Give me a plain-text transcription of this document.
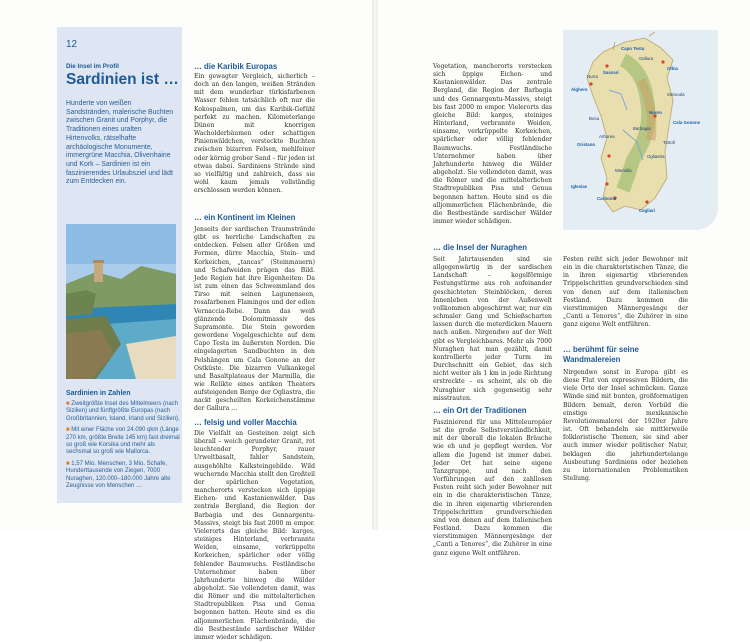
12
Die Insel im Profil
Sardinien ist …
Hunderte von weißen Sandstränden, malerische Buchten zwischen Granit und Porphyr, die Traditionen eines uralten Hirtenvolks, rätselhafte archäologische Monumente, immergrüne Macchia, Olivenhaine und Kork – Sardinien ist ein faszinierendes Urlaubsziel und lädt zum Entdecken ein.
Sardinien in Zahlen
■ Zweitgrößte Insel des Mittelmeers (nach Sizilien) und fünftgrößte Europas (nach Großbritannien, Island, Irland und Sizilien).
■ Mit einer Fläche von 24.090 qkm (Länge 270 km, größte Breite 145 km) fast dreimal so groß wie Korsika und mehr als sechsmal so groß wie Mallorca.
■ 1,57 Mio. Menschen, 3 Mio. Schafe, Hunderttausende von Ziegen, 7000 Nuraghen, 120.000–180.000 Jahre alte Zeugnisse von Menschen …
… die Karibik Europas
Ein gewagter Vergleich, sicherlich – doch an den langen, weißen Stränden mit dem wunderbar türkisfarbenen Wasser fehlen tatsächlich oft nur die Kokospalmen, um das Karibik-Gefühl perfekt zu machen. Kilometerlange Dünen mit knorrigen Wacholderbäumen oder schattigen Pinienwäldchen, versteckte Buchten zwischen bizarren Felsen, mehlfeiner oder körnig grober Sand – für jeden ist etwas dabei. Sardiniens Strände sind so vielfältig und zahlreich, dass sie wohl kaum jemals vollständig erschlossen werden können.
… ein Kontinent im Kleinen
Jenseits der sardischen Traumstrände gibt es herrliche Landschaften zu entdecken. Felsen aller Größen und Formen, dürre Macchia, Stein- und Korkeichen, „tancas“ (Steinmauern) und Schafweiden prägen das Bild. Jede Region hat ihre Eigenheiten: Da ist zum einen das Schwemmland des Tirso mit seinen Lagunenseen, rosafarbenen Flamingos und der edlen Vernaccia-Rebe. Dann das weiß glänzende Dolomitmassiv des Supramonte. Die Stein geworden gewordene Vogelgeschichte auf dem Capo Testa im äußersten Norden. Die eingelagerten Sandbuchten in den Felshängen um Cala Gonone an der Ostküste. Die bizarren Vulkankegel und Basaltplateaus der Marmilla, die wie Relikte eines antiken Theaters aufsteigenden Berge der Ogliastra, die nackt gescheilten Korkeichenstämme der Gallura …
… felsig und voller Macchia
Die Vielfalt an Gesteinen zeigt sich überall – weich gerundeter Granit, rot leuchtender Porphyr, rauer Urweltbasalt, fahler Sandstein, ausgehöhlte Kalksteingebilde. Wild wuchernde Macchia stellt den Großteil der spärlichen Vegetation, mancherorts verstecken sich üppige Eichen- und Kastanienwälder. Das zentrale Bergland, die Region der Barbagia und des Gennargentu-Massivs, steigt bis fast 2000 m empor. Vielerorts das gleiche Bild: karges, steiniges Hinterland, verbrannte Weiden, einsame, verkrüppelte Korkeichen, spärlicher oder völlig fehlender Baumwuchs. Festländische Unternehmer haben über Jahrhunderte hinweg die Wälder abgeholzt. Sie vollendeten damit, was die Römer und die mittelalterlichen Stadtrepubliken Pisa und Genua begonnen hatten. Heute sind es die alljommerlichen Flächenbrände, die die Bestbestände sardischer Wälder immer wieder schädigen.
Vegetation, mancherorts verstecken sich üppige Eichen- und Kastanienwälder. Das zentrale Bergland, die Region der Barbagia und des Gennargentu-Massivs, steigt bis fast 2000 m empor. Vielerorts das gleiche Bild: karges, steiniges Hinterland, verbrannte Weiden, einsame, verkrüppelte Korkeichen, spärlicher oder völlig fehlender Baumwuchs. Festländische Unternehmer haben über Jahrhunderte hinweg die Wälder abgeholzt. Sie vollendeten damit, was die Römer und die mittelalterlichen Stadtrepubliken Pisa und Genua begonnen hatten. Heute sind es die alljommerlichen Flächenbrände, die die Bestbestände sardischer Wälder immer wieder schädigen.
… die Insel der Nuraghen
Seit Jahrtausenden sind sie allgegenwärtig in der sardischen Landschaft – kegelförmige Festungstürme aus roh aufeinander geschichteten Steinblöcken, deren Innenleben von der Außenwelt vollkommen abgeschirmt war, nur ein schmaler Gang und Schießscharten lassen durch die meterdicken Mauern nach außen. Nirgendwo auf der Welt gibt es Vergleichbares. Mehr als 7000 Nuraghen hat man gezählt, damit kontrollierte jeder Turm im Durchschnitt ein Gebiet, das sich nicht weiter als 1 km in jede Richtung erstreckte – es scheint, als ob die Nuraghier sich gegenseitig sehr misstrauten.
… ein Ort der Traditionen
Faszinierend für uns Mitteleuropäer ist die große Selbstverständlichkeit, mit der überall die lokalen Bräuche wie eh und je gepflegt werden. Vor allem die Jugend ist immer dabei. Jeder Ort hat seine eigene Tanzgruppe, und nach den Vorführungen auf den zahllosen Festen reiht sich jeder Bewohner mit ein in die charakteristischen Tänze, die in ihren eigenartig vibrierenden Trippelschritten grundverschieden sind von denen auf dem italienischen Festland. Dazu kommen die vierstimmigen Männergesänge der „Canti a Tenores“, die Zuhörer in eine ganz eigene Welt entführen.
Capo Testa
Olbia
Gallura
Sassari
Alghero
Nurra
Nuoro
Barbagia
Cala Gonone
Oristano
Arborea
Ogliastra
Marmilla
Iglesias
Carbonia
Cagliari
Tortolì
Siniscola
Bosa
Festen reiht sich jeder Bewohner mit ein in die charakteristischen Tänze, die in ihren eigenartig vibrierenden Trippelschritten grundverschieden sind von denen auf dem italienischen Festland. Dazu kommen die vierstimmigen Männergesänge der „Canti a Tenores“, die Zuhörer in eine ganz eigene Welt entführen.
… berühmt für seine Wandmalereien
Nirgendwo sonst in Europa gibt es diese Flut von expressiven Bildern, die viele Orte der Insel schmücken. Ganze Wände sind mit bunten, großformatigen Bildern bemalt, deren Vorbild die einstige mexikanische Revolutionsmalerei der 1920er Jahre ist. Oft behandeln sie mittlerweile folkloristische Themen, sie sind aber auch immer wieder politischer Natur, beklagen die jahrhundertelange Ausbeutung Sardiniens oder beziehen zu internationalen Problematiken Stellung.
